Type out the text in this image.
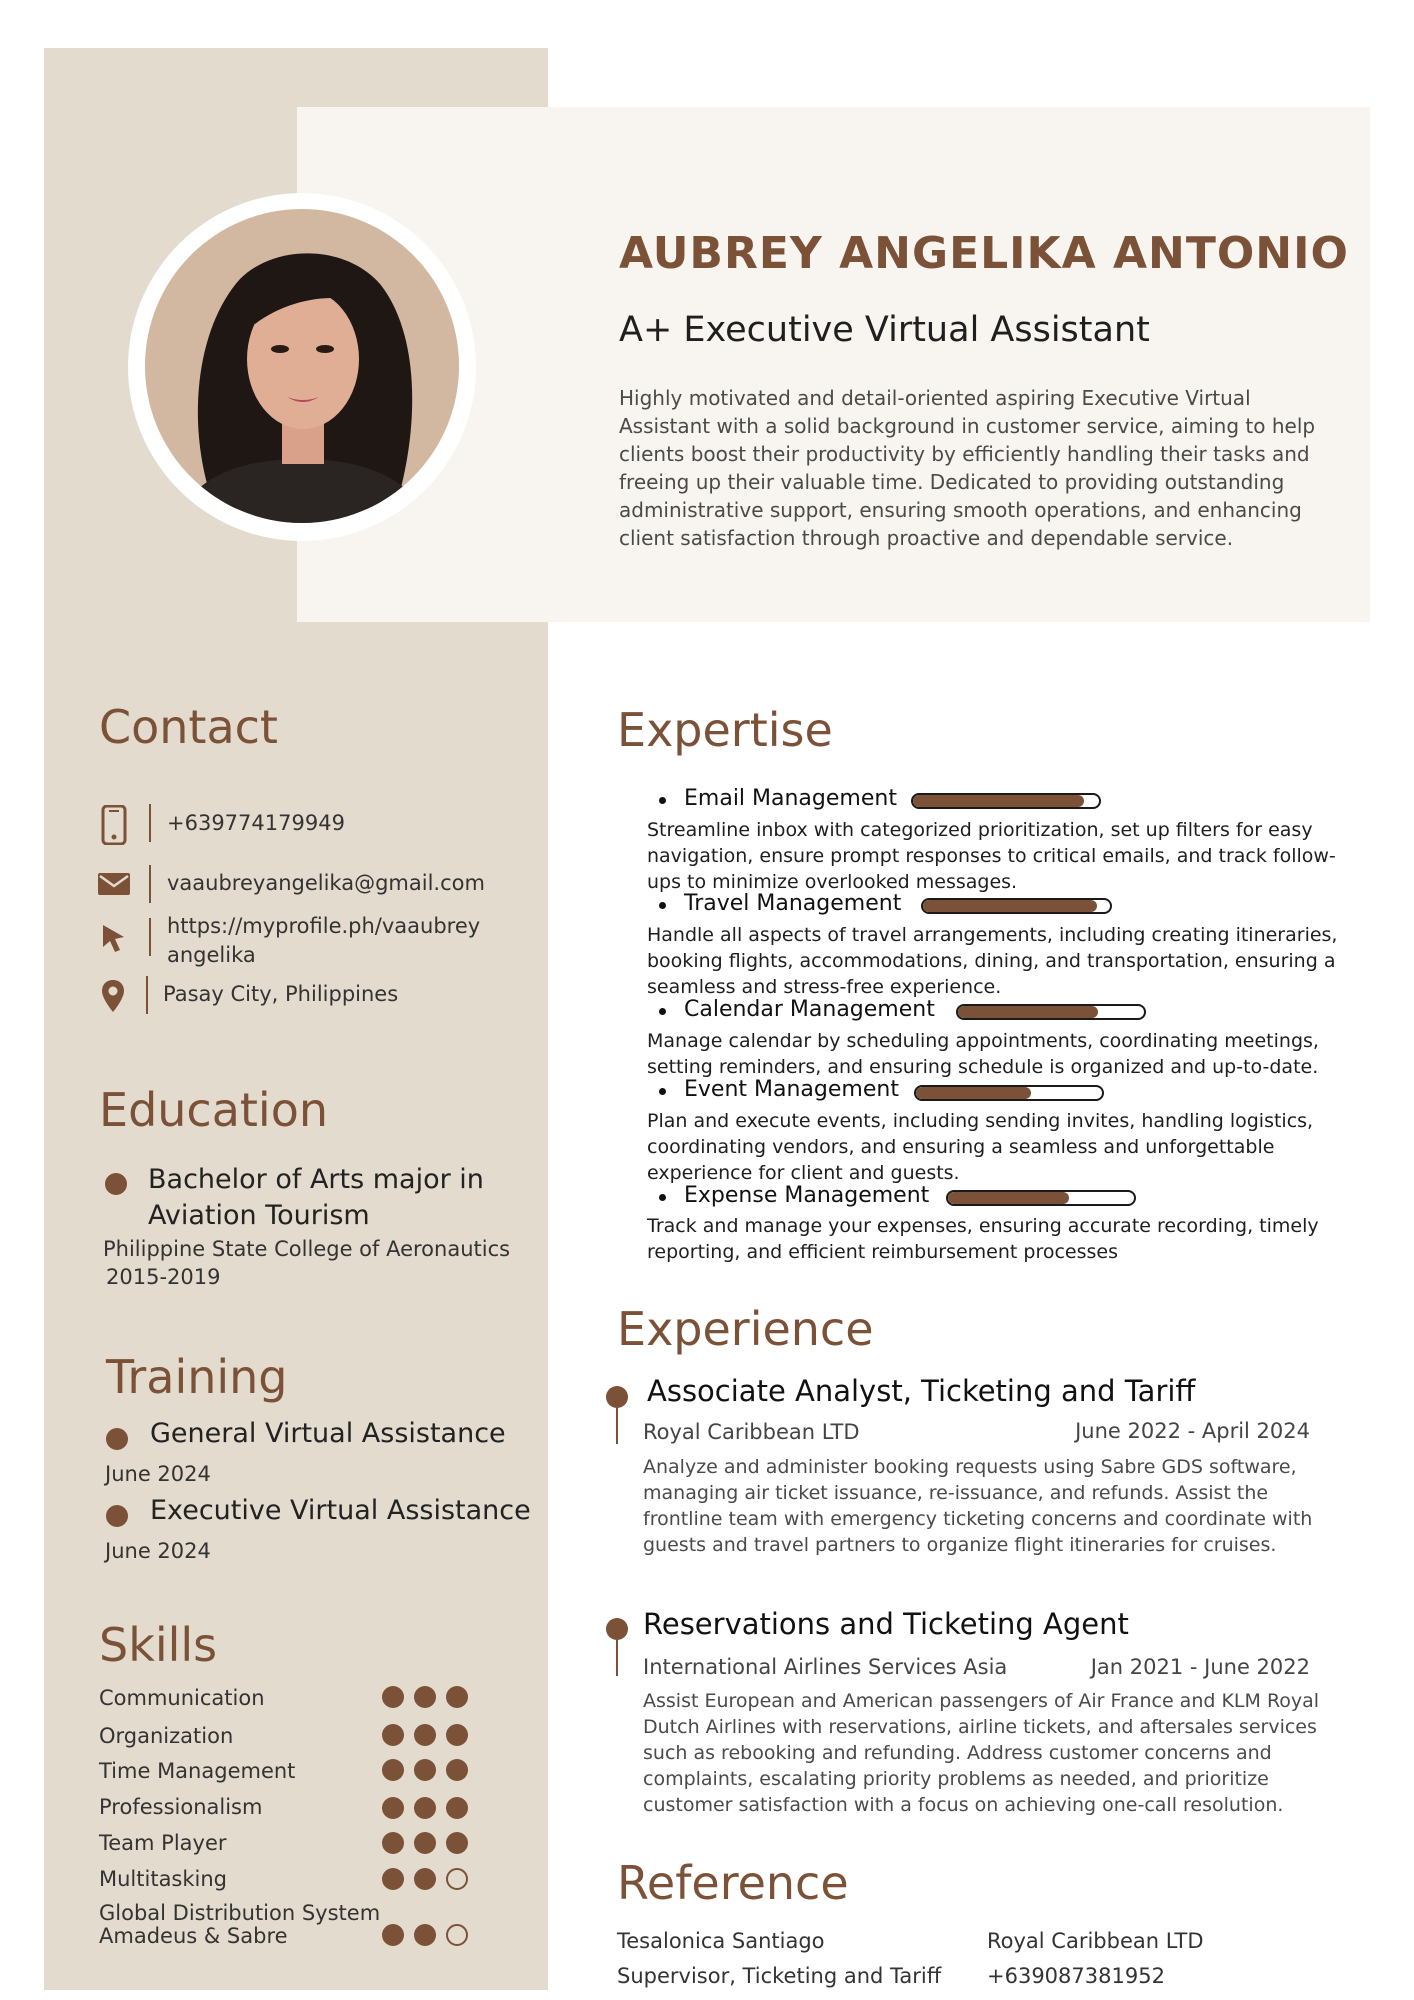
AUBREY ANGELIKA ANTONIO
A+ Executive Virtual Assistant
Highly motivated and detail-oriented aspiring Executive Virtual Assistant with a solid background in customer service, aiming to help clients boost their productivity by efficiently handling their tasks and freeing up their valuable time. Dedicated to providing outstanding administrative support, ensuring smooth operations, and enhancing client satisfaction through proactive and dependable service.
Contact
+639774179949
vaaubreyangelika@gmail.com
https://myprofile.ph/vaaubrey
angelika
Pasay City, Philippines
Education
Bachelor of Arts major in
Aviation Tourism
Philippine State College of Aeronautics
2015-2019
Training
General Virtual Assistance
June 2024
Executive Virtual Assistance
June 2024
Skills
Communication
Organization
Time Management
Professionalism
Team Player
Multitasking
Global Distribution System
Amadeus & Sabre
Expertise
Email Management
Streamline inbox with categorized prioritization, set up filters for easy navigation, ensure prompt responses to critical emails, and track follow-ups to minimize overlooked messages.
Travel Management
Handle all aspects of travel arrangements, including creating itineraries, booking flights, accommodations, dining, and transportation, ensuring a seamless and stress-free experience.
Calendar Management
Manage calendar by scheduling appointments, coordinating meetings, setting reminders, and ensuring schedule is organized and up-to-date.
Event Management
Plan and execute events, including sending invites, handling logistics, coordinating vendors, and ensuring a seamless and unforgettable experience for client and guests.
Expense Management
Track and manage your expenses, ensuring accurate recording, timely reporting, and efficient reimbursement processes
Experience
Associate Analyst, Ticketing and Tariff
Royal Caribbean LTD	June 2022 - April 2024
Analyze and administer booking requests using Sabre GDS software, managing air ticket issuance, re-issuance, and refunds. Assist the frontline team with emergency ticketing concerns and coordinate with guests and travel partners to organize flight itineraries for cruises.
Reservations and Ticketing Agent
International Airlines Services Asia	Jan 2021 - June 2022
Assist European and American passengers of Air France and KLM Royal Dutch Airlines with reservations, airline tickets, and aftersales services such as rebooking and refunding. Address customer concerns and complaints, escalating priority problems as needed, and prioritize customer satisfaction with a focus on achieving one-call resolution.
Reference
Tesalonica Santiago
Supervisor, Ticketing and Tariff
Royal Caribbean LTD
+639087381952
